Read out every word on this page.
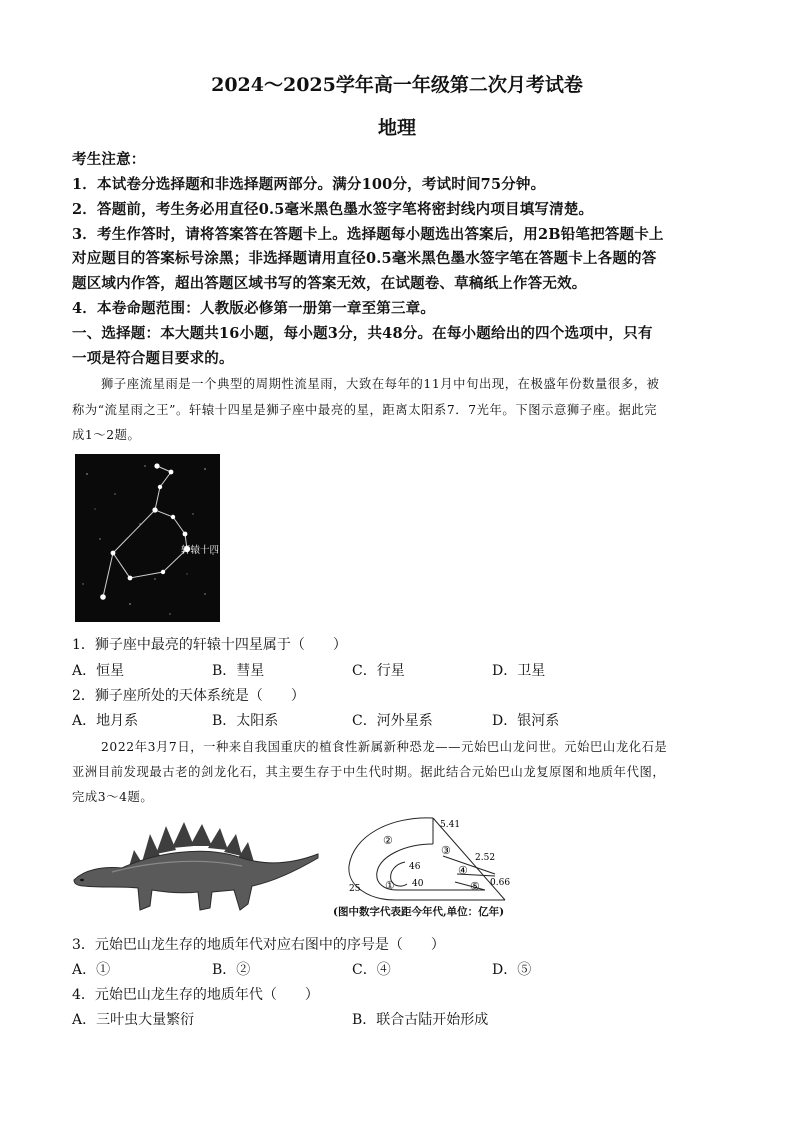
2024～2025学年高一年级第二次月考试卷
地理
考生注意：
1．本试卷分选择题和非选择题两部分。满分100分，考试时间75分钟。
2．答题前，考生务必用直径0.5毫米黑色墨水签字笔将密封线内项目填写清楚。
3．考生作答时，请将答案答在答题卡上。选择题每小题选出答案后，用2B铅笔把答题卡上
对应题目的答案标号涂黑；非选择题请用直径0.5毫米黑色墨水签字笔在答题卡上各题的答
题区域内作答，超出答题区域书写的答案无效，在试题卷、草稿纸上作答无效。
4．本卷命题范围：人教版必修第一册第一章至第三章。
一、选择题：本大题共16小题，每小题3分，共48分。在每小题给出的四个选项中，只有
一项是符合题目要求的。
狮子座流星雨是一个典型的周期性流星雨，大致在每年的11月中旬出现，在极盛年份数量很多，被
称为“流星雨之王”。轩辕十四星是狮子座中最亮的星，距离太阳系7．7光年。下图示意狮子座。据此完
成1～2题。
轩辕十四
1．狮子座中最亮的轩辕十四星属于（　　）
A．恒星	B．彗星	C．行星	D．卫星
2．狮子座所处的天体系统是（　　）
A．地月系	B．太阳系	C．河外星系	D．银河系
2022年3月7日，一种来自我国重庆的植食性新属新种恐龙——元始巴山龙问世。元始巴山龙化石是
亚洲目前发现最古老的剑龙化石，其主要生存于中生代时期。据此结合元始巴山龙复原图和地质年代图，
完成3～4题。
5.41
2.52
0.66
46
40
25
②
③
④
⑤
①
(图中数字代表距今年代,单位：亿年)
3．元始巴山龙生存的地质年代对应右图中的序号是（　　）
A．①	B．②	C．④	D．⑤
4．元始巴山龙生存的地质年代（　　）
A．三叶虫大量繁衍	B．联合古陆开始形成
